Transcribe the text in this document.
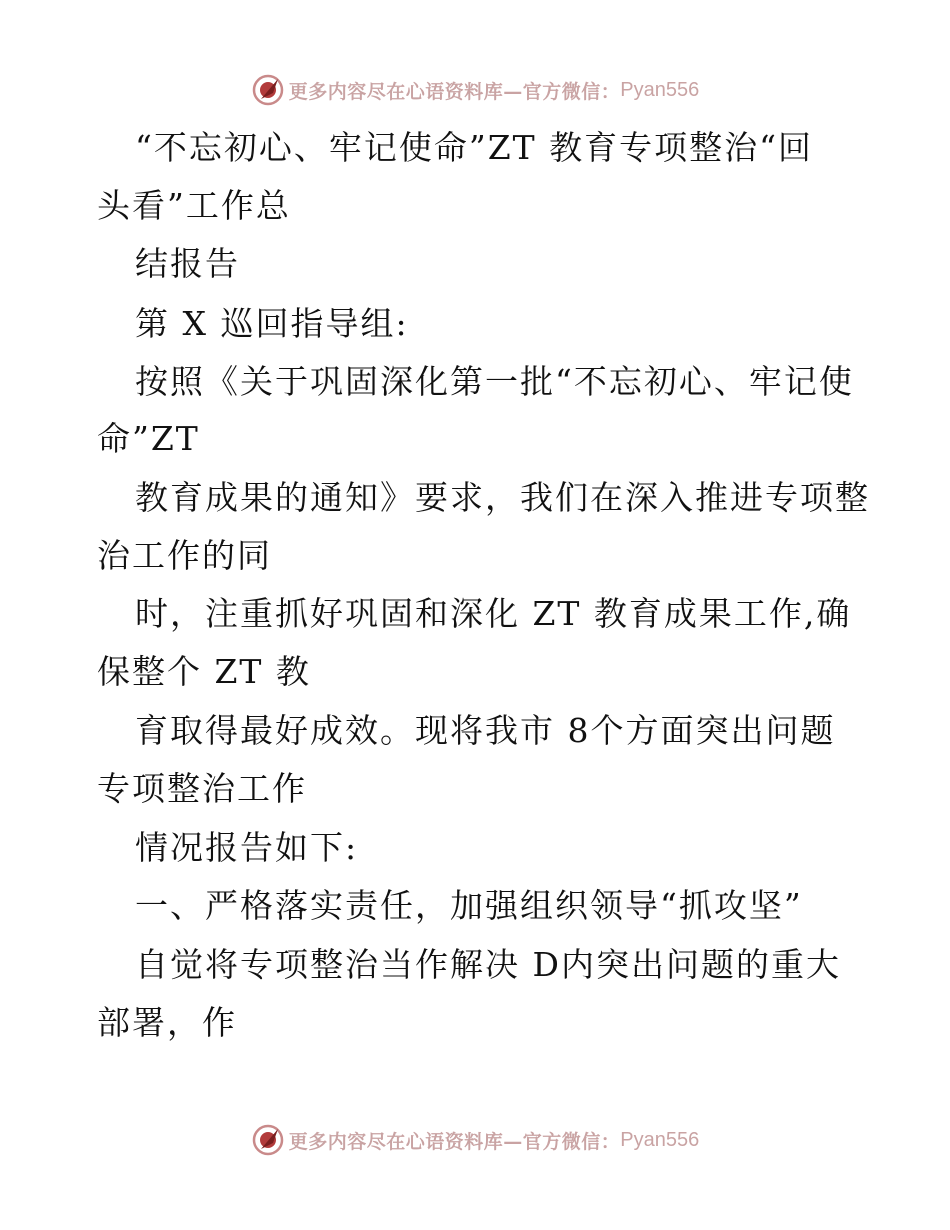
更多内容尽在心语资料库—官方微信： Pyan556
“不忘初心、牢记使命”ZT 教育专项整治“回
头看”工作总
结报告
第 X 巡回指导组:
按照《关于巩固深化第一批“不忘初心、牢记使
命”ZT
教育成果的通知》要求，我们在深入推进专项整
治工作的同
时，注重抓好巩固和深化 ZT 教育成果工作,确
保整个 ZT 教
育取得最好成效。现将我市 8个方面突出问题
专项整治工作
情况报告如下:
一、严格落实责任，加强组织领导“抓攻坚”
自觉将专项整治当作解决 D内突出问题的重大
部署，作
更多内容尽在心语资料库—官方微信： Pyan556
